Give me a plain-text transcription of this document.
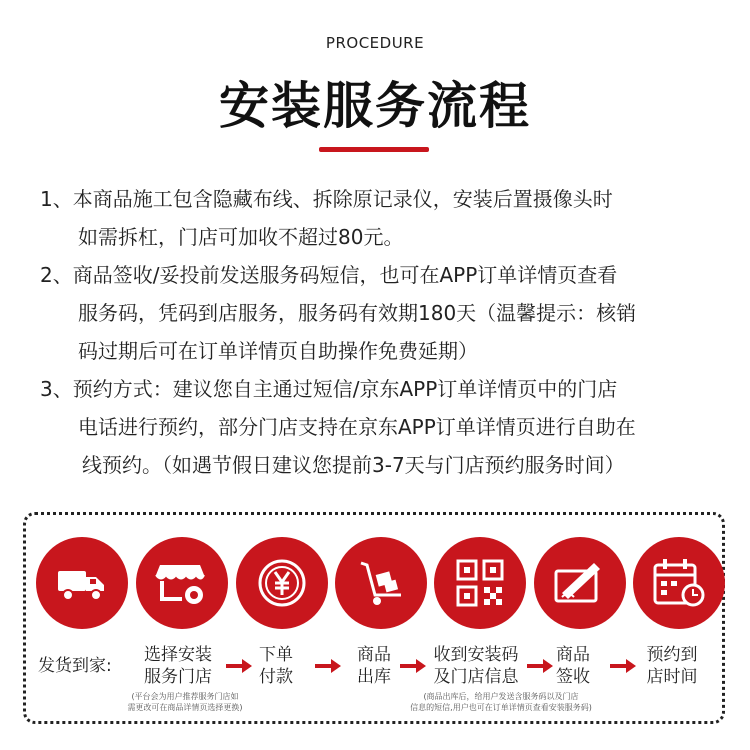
PROCEDURE
安装服务流程

1、本商品施工包含隐藏布线、拆除原记录仪，安装后置摄像头时
如需拆杠，门店可加收不超过80元。

2、商品签收/妥投前发送服务码短信，也可在APP订单详情页查看
服务码，凭码到店服务，服务码有效期180天（温馨提示：核销
码过期后可在订单详情页自助操作免费延期）

3、预约方式：建议您自主通过短信/京东APP订单详情页中的门店
电话进行预约，部分门店支持在京东APP订单详情页进行自助在
线预约。（如遇节假日建议您提前3-7天与门店预约服务时间）

发货到家:
选择安装
服务门店
下单
付款
商品
出库
收到安装码
及门店信息
商品
签收
预约到
店时间
(平台会为用户推荐服务门店如
需更改可在商品详情页选择更换)
(商品出库后，给用户发送含服务码以及门店
信息的短信,用户也可在订单详情页查看安装服务码)
